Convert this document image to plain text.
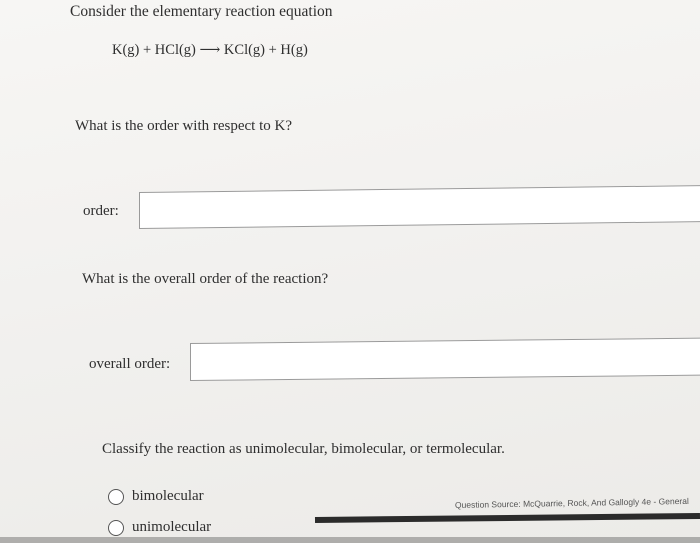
Consider the elementary reaction equation
K(g) + HCl(g) ⟶ KCl(g) + H(g)
What is the order with respect to K?
order:
What is the overall order of the reaction?
overall order:
Classify the reaction as unimolecular, bimolecular, or termolecular.
bimolecular
unimolecular
Question Source: McQuarrie, Rock, And Gallogly 4e - General
